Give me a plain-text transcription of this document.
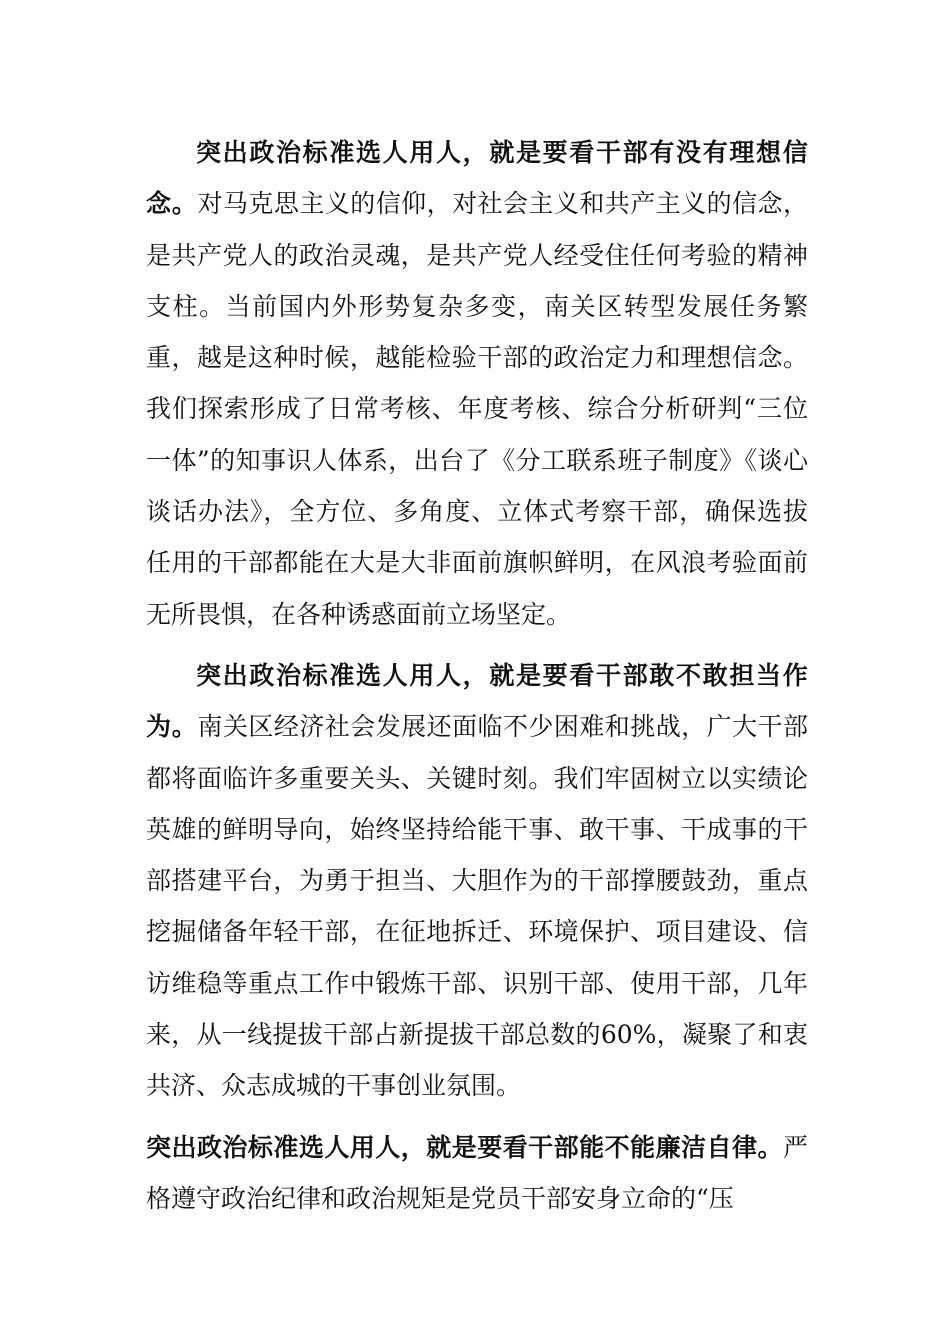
突出政治标准选人用人，就是要看干部有没有理想信念。对马克思主义的信仰，对社会主义和共产主义的信念，是共产党人的政治灵魂，是共产党人经受住任何考验的精神支柱。当前国内外形势复杂多变，南关区转型发展任务繁重，越是这种时候，越能检验干部的政治定力和理想信念。我们探索形成了日常考核、年度考核、综合分析研判“三位一体”的知事识人体系，出台了《分工联系班子制度》《谈心谈话办法》，全方位、多角度、立体式考察干部，确保选拔任用的干部都能在大是大非面前旗帜鲜明，在风浪考验面前无所畏惧，在各种诱惑面前立场坚定。

突出政治标准选人用人，就是要看干部敢不敢担当作为。南关区经济社会发展还面临不少困难和挑战，广大干部都将面临许多重要关头、关键时刻。我们牢固树立以实绩论英雄的鲜明导向，始终坚持给能干事、敢干事、干成事的干部搭建平台，为勇于担当、大胆作为的干部撑腰鼓劲，重点挖掘储备年轻干部，在征地拆迁、环境保护、项目建设、信访维稳等重点工作中锻炼干部、识别干部、使用干部，几年来，从一线提拔干部占新提拔干部总数的60%，凝聚了和衷共济、众志成城的干事创业氛围。

突出政治标准选人用人，就是要看干部能不能廉洁自律。严格遵守政治纪律和政治规矩是党员干部安身立命的“压
